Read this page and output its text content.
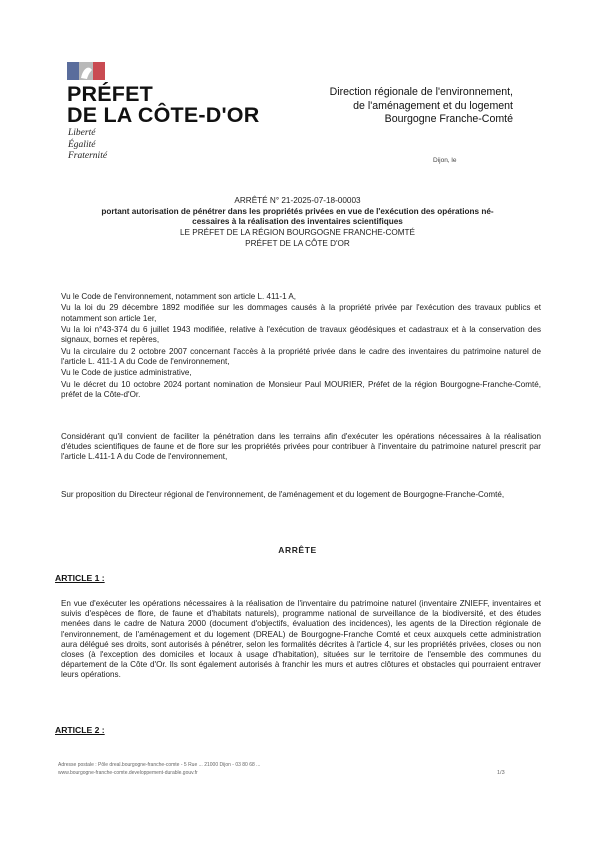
PRÉFET
DE LA CÔTE-D'OR
Liberté
Égalité
Fraternité
Direction régionale de l'environnement,
de l'aménagement et du logement
Bourgogne Franche-Comté
Dijon, le
ARRÊTÉ N° 21-2025-07-18-00003
portant autorisation de pénétrer dans les propriétés privées en vue de l'exécution des opérations né-
cessaires à la réalisation des inventaires scientifiques
LE PRÉFET DE LA RÉGION BOURGOGNE FRANCHE-COMTÉ
PRÉFET DE LA CÔTE D'OR

Vu le Code de l'environnement, notamment son article L. 411-1 A,

Vu la loi du 29 décembre 1892 modifiée sur les dommages causés à la propriété privée par l'exécution des travaux publics et notamment son article 1er,

Vu la loi n°43-374 du 6 juillet 1943 modifiée, relative à l'exécution de travaux géodésiques et cadastraux et à la conservation des signaux, bornes et repères,

Vu la circulaire du 2 octobre 2007 concernant l'accès à la propriété privée dans le cadre des inventaires du patrimoine naturel de l'article L. 411-1 A du Code de l'environnement,

Vu le Code de justice administrative,

Vu le décret du 10 octobre 2024 portant nomination de Monsieur Paul MOURIER, Préfet de la région Bourgogne-Franche-Comté, préfet de la Côte-d'Or.

Considérant qu'il convient de faciliter la pénétration dans les terrains afin d'exécuter les opérations nécessaires à la réalisation d'études scientifiques de faune et de flore sur les propriétés privées pour contribuer à l'inventaire du patrimoine naturel prescrit par l'article L.411-1 A du Code de l'environnement,

Sur proposition du Directeur régional de l'environnement, de l'aménagement et du logement de Bourgogne-Franche-Comté,

ARRÊTE
ARTICLE 1 :

En vue d'exécuter les opérations nécessaires à la réalisation de l'inventaire du patrimoine naturel (inventaire ZNIEFF, inventaires et suivis d'espèces de flore, de faune et d'habitats naturels), programme national de surveillance de la biodiversité, et des études menées dans le cadre de Natura 2000 (document d'objectifs, évaluation des incidences), les agents de la Direction régionale de l'environnement, de l'aménagement et du logement (DREAL) de Bourgogne-Franche Comté et ceux auxquels cette administration aura délégué ses droits, sont autorisés à pénétrer, selon les formalités décrites à l'article 4, sur les propriétés privées, closes ou non closes (à l'exception des domiciles et locaux à usage d'habitation), situées sur le territoire de l'ensemble des communes du département de la Côte d'Or. Ils sont également autorisés à franchir les murs et autres clôtures et obstacles qui pourraient entraver leurs opérations.

ARTICLE 2 :
Adresse postale : Pôle dreal.bourgogne-franche-comte - 5 Rue ... 21000 Dijon - 03 80 68 ...
www.bourgogne-franche-comte.developpement-durable.gouv.fr	1/3
